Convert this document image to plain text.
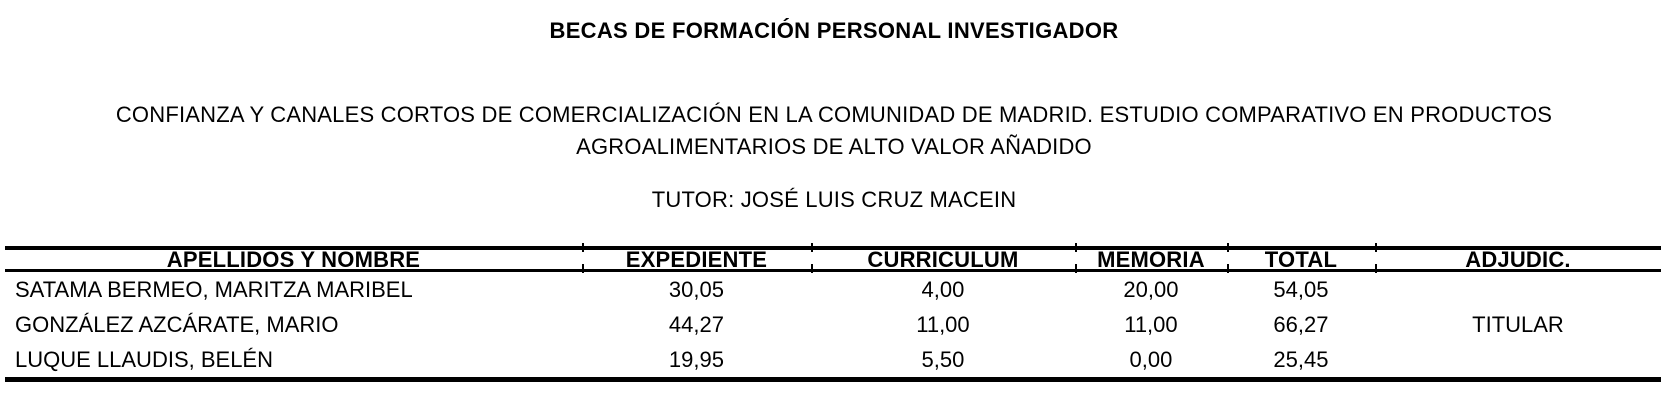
BECAS DE FORMACIÓN PERSONAL INVESTIGADOR
CONFIANZA Y CANALES CORTOS DE COMERCIALIZACIÓN EN LA COMUNIDAD DE MADRID. ESTUDIO COMPARATIVO EN PRODUCTOS
AGROALIMENTARIOS DE ALTO VALOR AÑADIDO
TUTOR: JOSÉ LUIS CRUZ MACEIN
APELLIDOS Y NOMBRE	EXPEDIENTE	CURRICULUM	MEMORIA	TOTAL	ADJUDIC.
SATAMA BERMEO, MARITZA MARIBEL	30,05	4,00	20,00	54,05	
GONZÁLEZ AZCÁRATE, MARIO	44,27	11,00	11,00	66,27	TITULAR
LUQUE LLAUDIS, BELÉN	19,95	5,50	0,00	25,45	
